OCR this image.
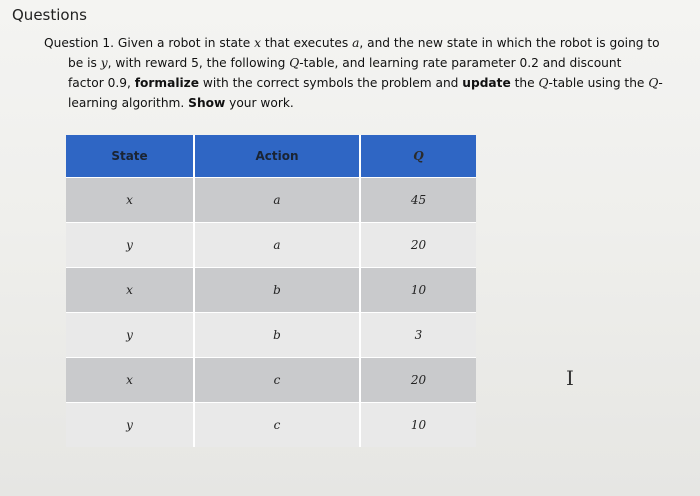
Questions
Question 1. Given a robot in state x that executes a, and the new state in which the robot is going to
be is y, with reward 5, the following Q-table, and learning rate parameter 0.2 and discount
factor 0.9, formalize with the correct symbols the problem and update the Q-table using the Q-
learning algorithm. Show your work.
State	Action	Q
x	a	45
y	a	20
x	b	10
y	b	3
x	c	20
y	c	10
I
